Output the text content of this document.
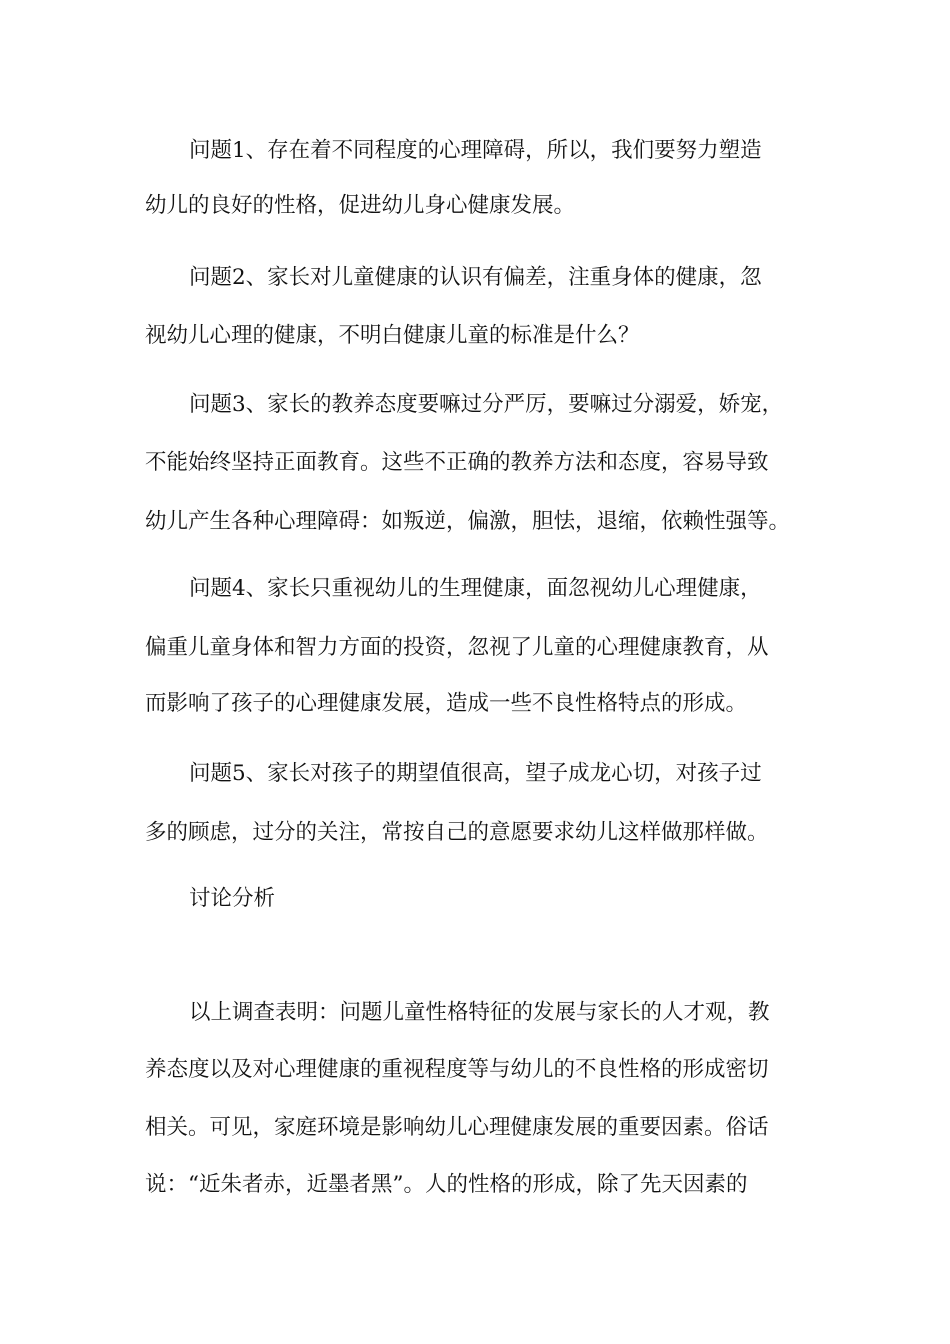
问题1、存在着不同程度的心理障碍，所以，我们要努力塑造
幼儿的良好的性格，促进幼儿身心健康发展。
问题2、家长对儿童健康的认识有偏差，注重身体的健康，忽
视幼儿心理的健康，不明白健康儿童的标准是什么？
问题3、家长的教养态度要嘛过分严厉，要嘛过分溺爱，娇宠，
不能始终坚持正面教育。这些不正确的教养方法和态度，容易导致
幼儿产生各种心理障碍：如叛逆，偏激，胆怯，退缩，依赖性强等。
问题4、家长只重视幼儿的生理健康，面忽视幼儿心理健康，
偏重儿童身体和智力方面的投资，忽视了儿童的心理健康教育，从
而影响了孩子的心理健康发展，造成一些不良性格特点的形成。
问题5、家长对孩子的期望值很高，望子成龙心切，对孩子过
多的顾虑，过分的关注，常按自己的意愿要求幼儿这样做那样做。
讨论分析
以上调查表明：问题儿童性格特征的发展与家长的人才观，教
养态度以及对心理健康的重视程度等与幼儿的不良性格的形成密切
相关。可见，家庭环境是影响幼儿心理健康发展的重要因素。俗话
说：“近朱者赤，近墨者黑”。人的性格的形成，除了先天因素的
